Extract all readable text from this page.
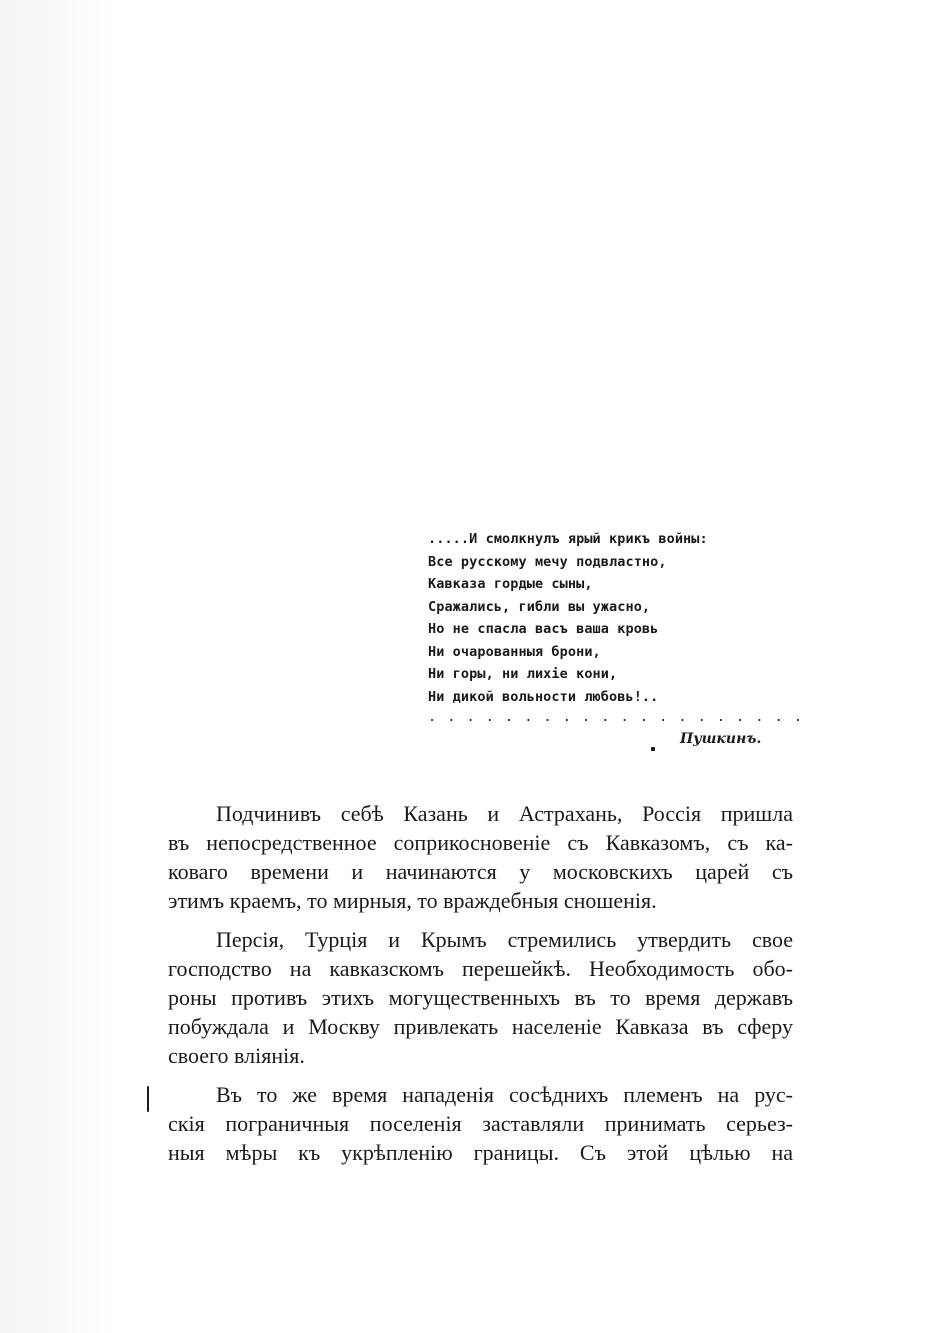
.....И смолкнулъ ярый крикъ войны:
Все русскому мечу подвластно,
Кавказа гордые сыны,
Сражались, гибли вы ужасно,
Но не спасла васъ ваша кровь
Ни очарованныя брони,
Ни горы, ни лихіе кони,
Ни дикой вольности любовь!..
. . . . . . . . . . . . . . . . . . . .
Пушкинъ.
Подчинивъ себѣ Казань и Астрахань, Россія пришла
въ непосредственное соприкосновеніе съ Кавказомъ, съ ка-
коваго времени и начинаются у московскихъ царей съ
этимъ краемъ, то мирныя, то враждебныя сношенія.
Персія, Турція и Крымъ стремились утвердить свое
господство на кавказскомъ перешейкѣ. Необходимость обо-
роны противъ этихъ могущественныхъ въ то время державъ
побуждала и Москву привлекать населеніе Кавказа въ сферу
своего вліянія.
Въ то же время нападенія сосѣднихъ племенъ на рус-
скія пограничныя поселенія заставляли принимать серьез-
ныя мѣры къ укрѣпленію границы. Съ этой цѣлью на
